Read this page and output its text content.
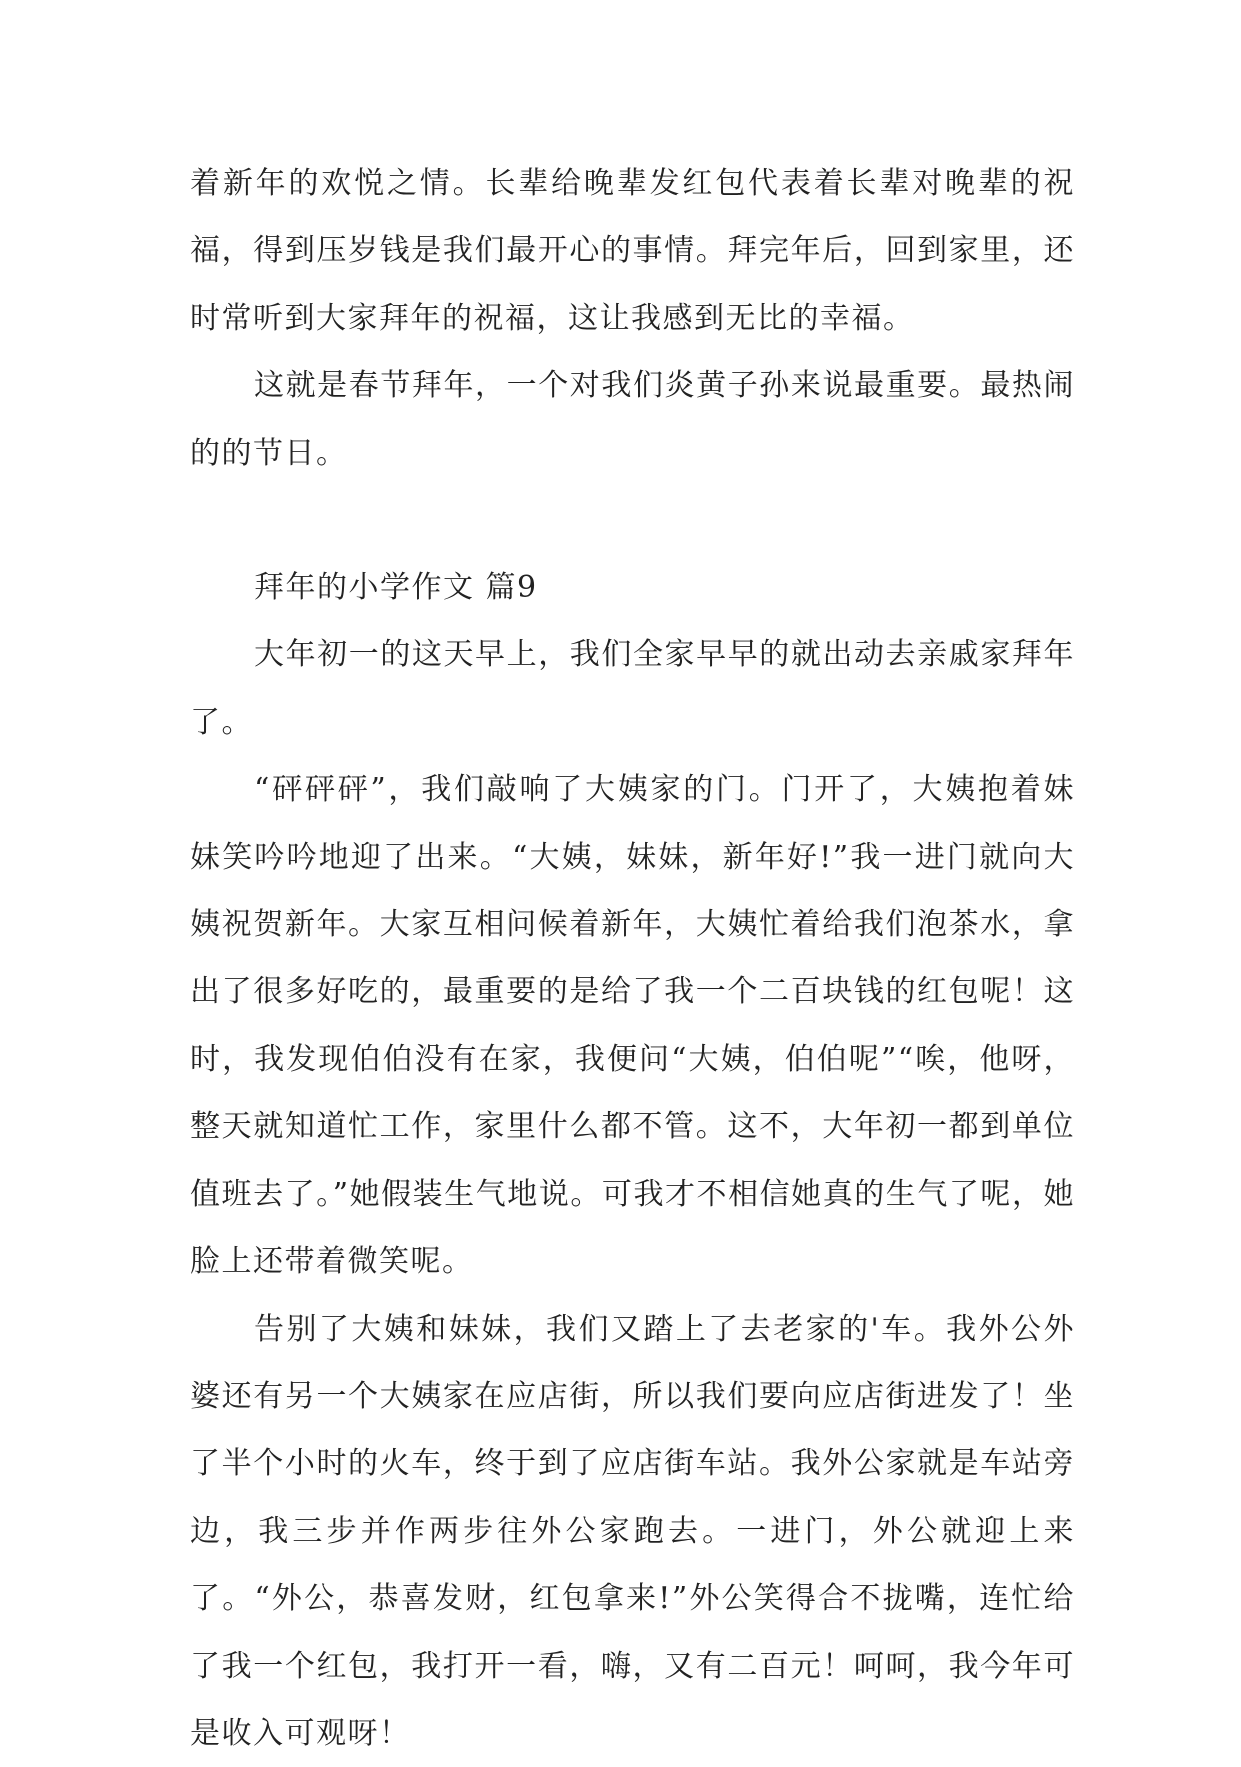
着新年的欢悦之情。长辈给晚辈发红包代表着长辈对晚辈的祝福，得到压岁钱是我们最开心的事情。拜完年后，回到家里，还时常听到大家拜年的祝福，这让我感到无比的幸福。

这就是春节拜年，一个对我们炎黄子孙来说最重要。最热闹的的节日。

拜年的小学作文 篇9

大年初一的这天早上，我们全家早早的就出动去亲戚家拜年了。

“砰砰砰”，我们敲响了大姨家的门。门开了，大姨抱着妹妹笑吟吟地迎了出来。“大姨，妹妹，新年好!”我一进门就向大姨祝贺新年。大家互相问候着新年，大姨忙着给我们泡茶水，拿出了很多好吃的，最重要的是给了我一个二百块钱的红包呢！这时，我发现伯伯没有在家，我便问“大姨，伯伯呢”“唉，他呀，整天就知道忙工作，家里什么都不管。这不，大年初一都到单位值班去了。”她假装生气地说。可我才不相信她真的生气了呢，她脸上还带着微笑呢。

告别了大姨和妹妹，我们又踏上了去老家的'车。我外公外婆还有另一个大姨家在应店街，所以我们要向应店街进发了！坐了半个小时的火车，终于到了应店街车站。我外公家就是车站旁边，我三步并作两步往外公家跑去。一进门，外公就迎上来了。“外公，恭喜发财，红包拿来!”外公笑得合不拢嘴，连忙给了我一个红包，我打开一看，嗨，又有二百元！呵呵，我今年可是收入可观呀！
